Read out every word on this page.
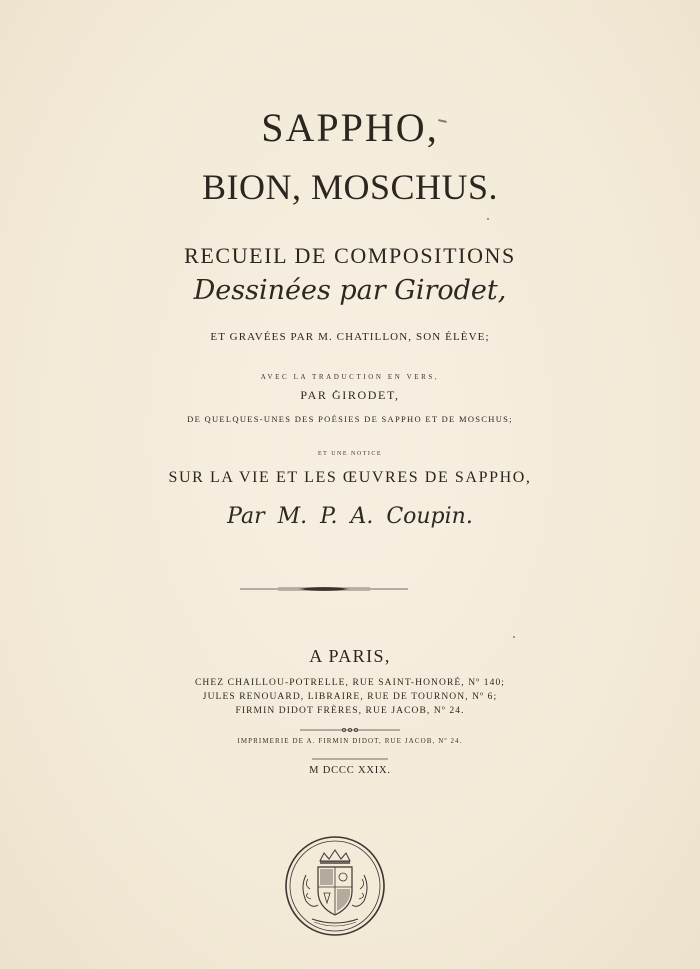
SAPPHO,
BION, MOSCHUS.
RECUEIL DE COMPOSITIONS
Dessinées par Girodet,
ET GRAVÉES PAR M. CHATILLON, SON ÉLÈVE;
AVEC LA TRADUCTION EN VERS,
PAR GIRODET,
DE QUELQUES-UNES DES POÉSIES DE SAPPHO ET DE MOSCHUS;
ET UNE NOTICE
SUR LA VIE ET LES ŒUVRES DE SAPPHO,
Par M. P. A. Coupin.
A PARIS,
CHEZ CHAILLOU-POTRELLE, RUE SAINT-HONORÉ, Nº 140;
JULES RENOUARD, LIBRAIRE, RUE DE TOURNON, Nº 6;
FIRMIN DIDOT FRÈRES, RUE JACOB, Nº 24.
IMPRIMERIE DE A. FIRMIN DIDOT, RUE JACOB, Nº 24.
M DCCC XXIX.
